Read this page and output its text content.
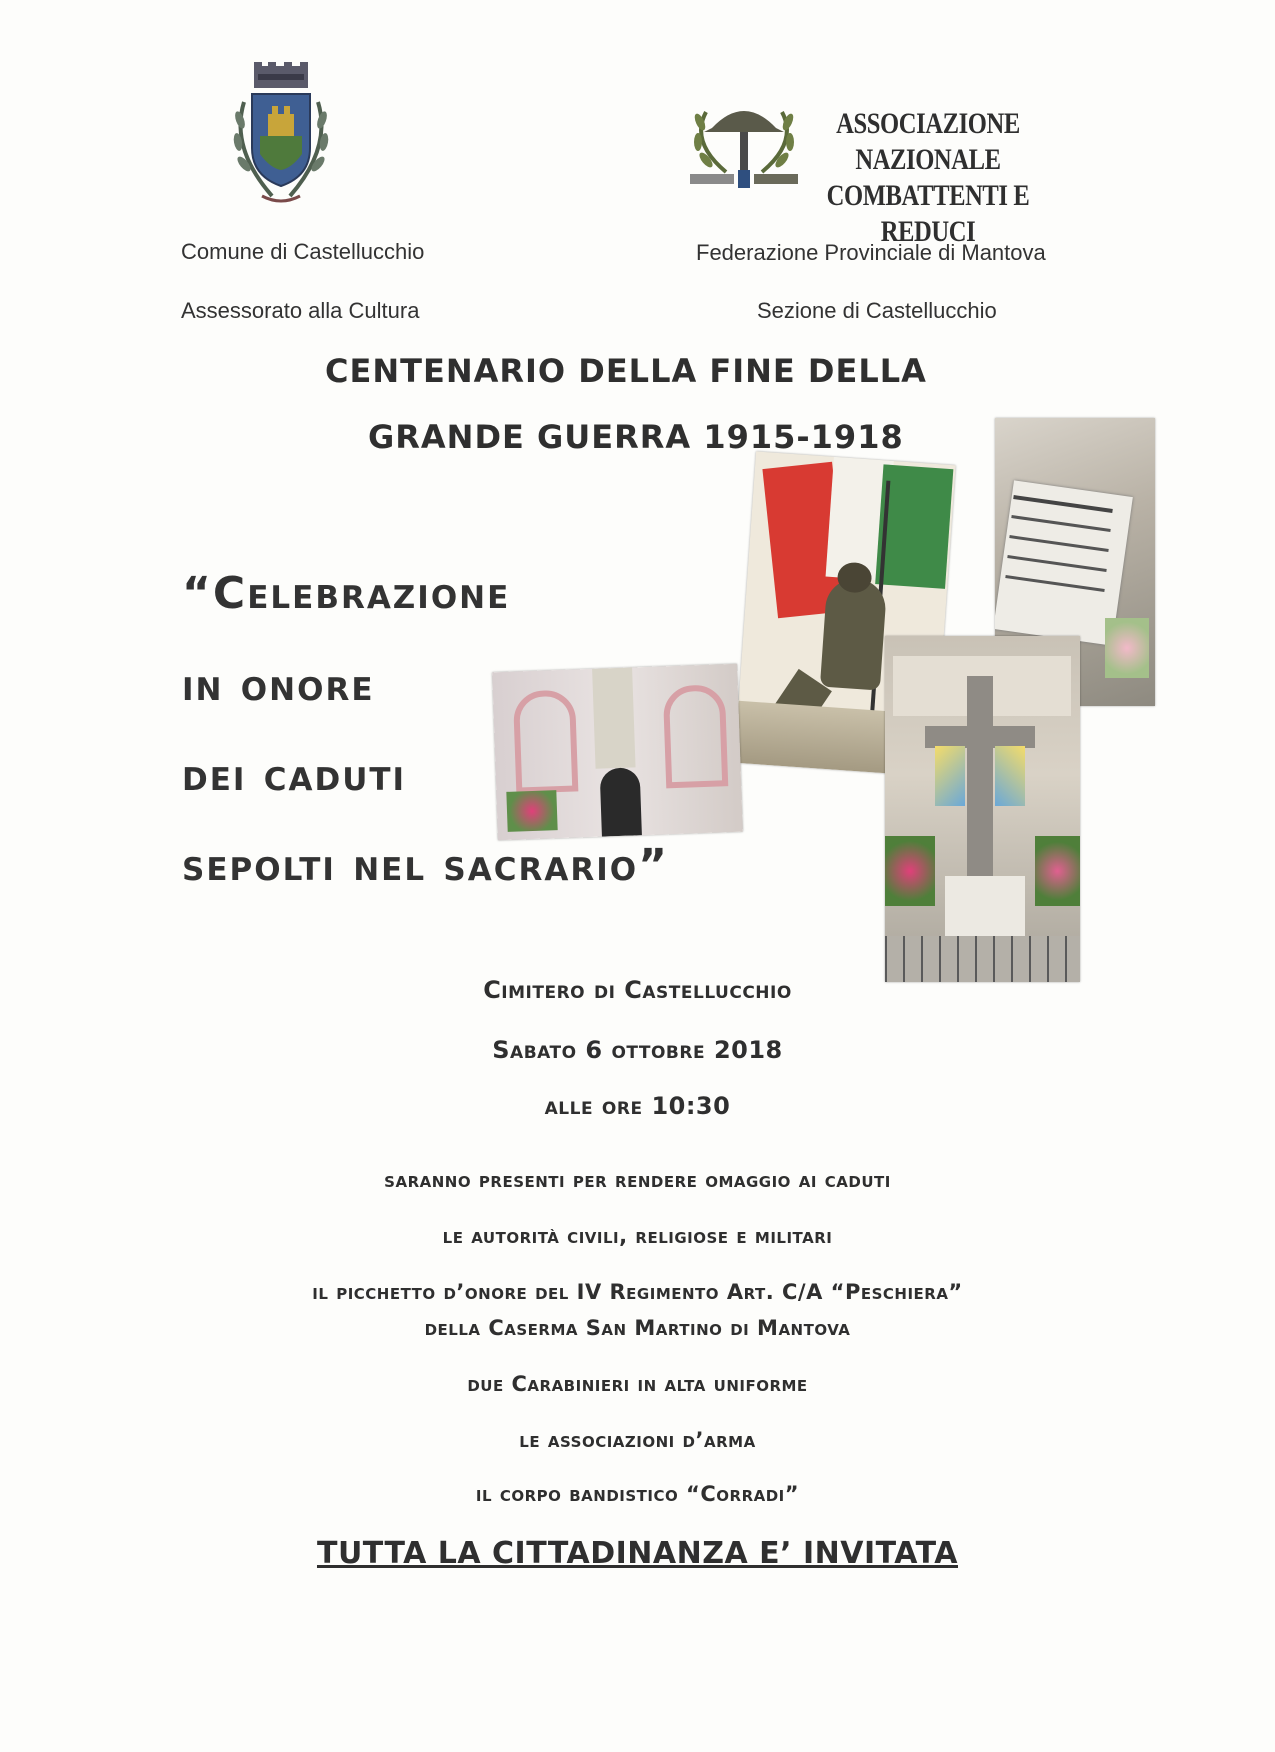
ASSOCIAZIONE NAZIONALE
COMBATTENTI E REDUCI
Comune di Castellucchio
Assessorato alla Cultura
Federazione Provinciale di Mantova
Sezione di Castellucchio
CENTENARIO DELLA FINE DELLA
GRANDE GUERRA 1915-1918
“Celebrazione
in onore
dei caduti
sepolti nel sacrario”
Cimitero di Castellucchio
Sabato 6 ottobre 2018
alle ore 10:30
saranno presenti per rendere omaggio ai caduti
le autorità civili, religiose e militari
il picchetto d’onore del IV Regimento Art. C/A “Peschiera”
della Caserma San Martino di Mantova
due Carabinieri in alta uniforme
le associazioni d’arma
il corpo bandistico “Corradi”
TUTTA LA CITTADINANZA E’ INVITATA
